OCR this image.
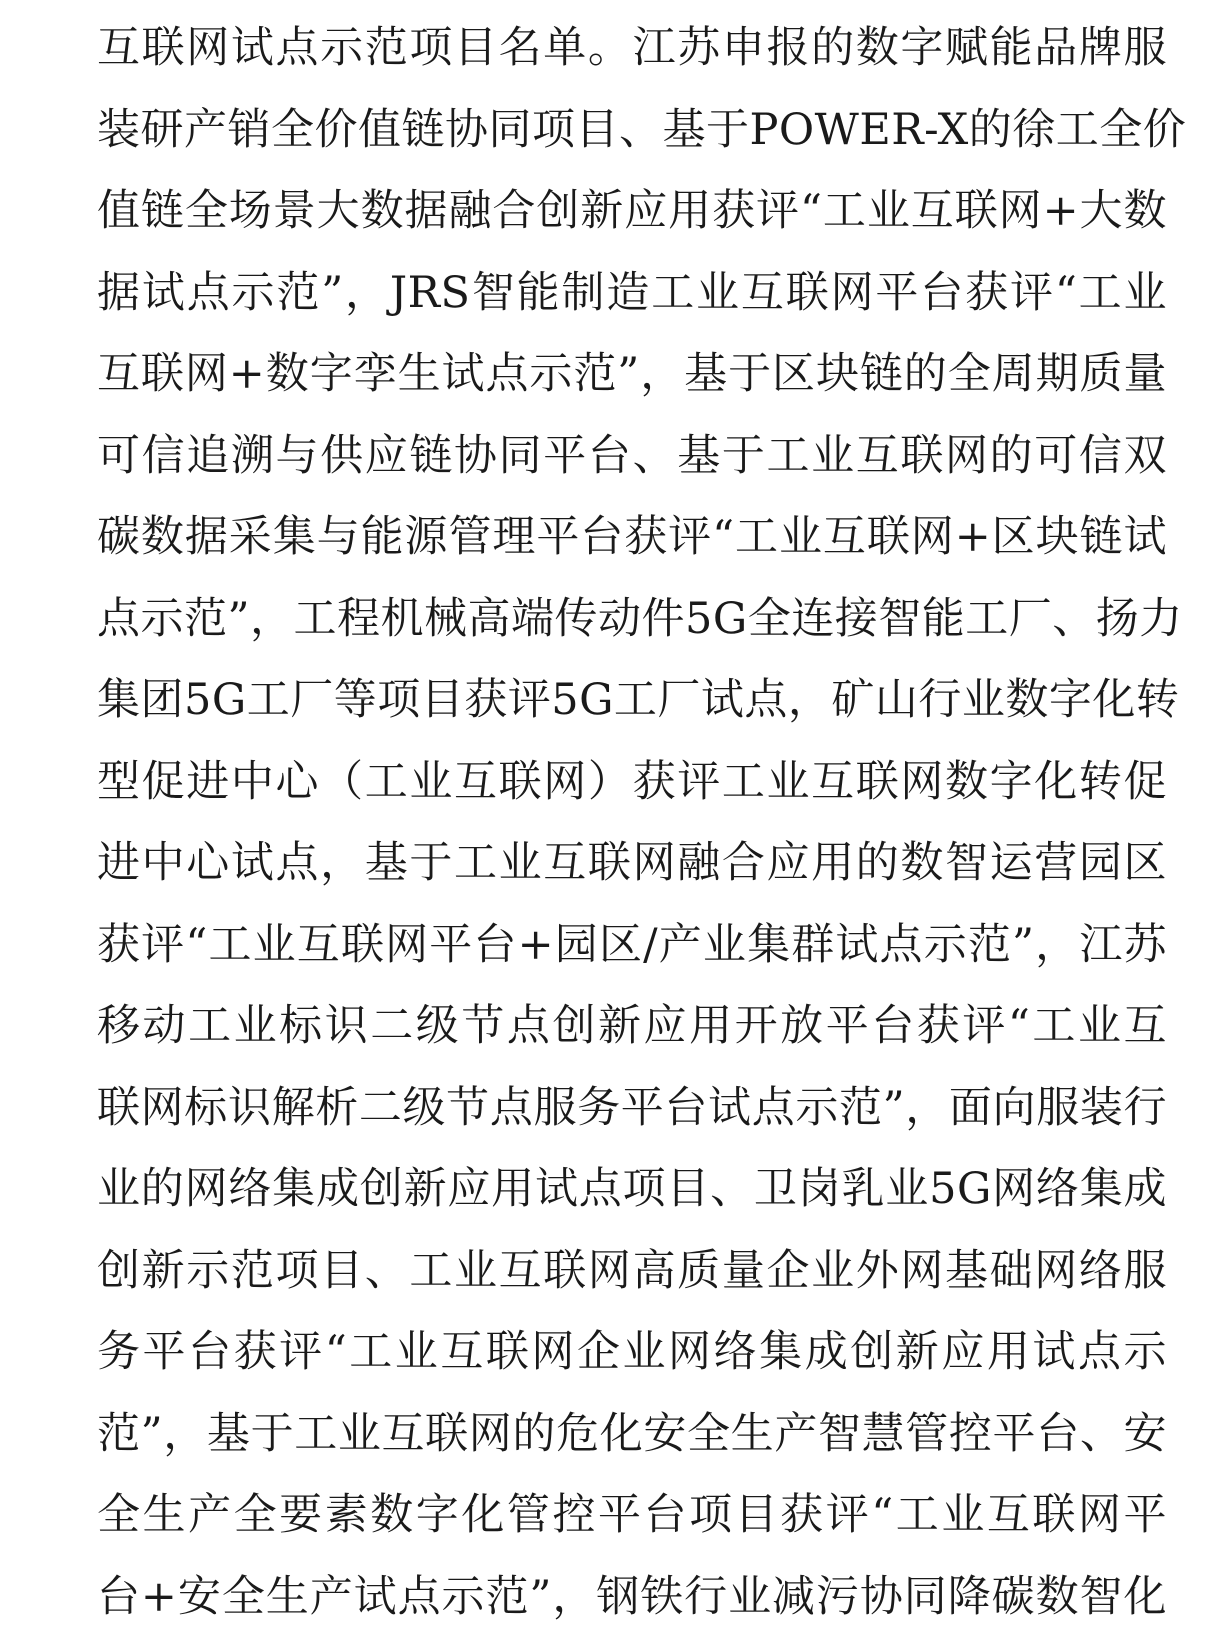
互联网试点示范项目名单。江苏申报的数字赋能品牌服
装研产销全价值链协同项目、基于POWER-X的徐工全价
值链全场景大数据融合创新应用获评“工业互联网+大数
据试点示范”，JRS智能制造工业互联网平台获评“工业
互联网+数字孪生试点示范”，基于区块链的全周期质量
可信追溯与供应链协同平台、基于工业互联网的可信双
碳数据采集与能源管理平台获评“工业互联网+区块链试
点示范”，工程机械高端传动件5G全连接智能工厂、扬力
集团5G工厂等项目获评5G工厂试点，矿山行业数字化转
型促进中心（工业互联网）获评工业互联网数字化转促
进中心试点，基于工业互联网融合应用的数智运营园区
获评“工业互联网平台+园区/产业集群试点示范”，江苏
移动工业标识二级节点创新应用开放平台获评“工业互
联网标识解析二级节点服务平台试点示范”，面向服装行
业的网络集成创新应用试点项目、卫岗乳业5G网络集成
创新示范项目、工业互联网高质量企业外网基础网络服
务平台获评“工业互联网企业网络集成创新应用试点示
范”，基于工业互联网的危化安全生产智慧管控平台、安
全生产全要素数字化管控平台项目获评“工业互联网平
台+安全生产试点示范”，钢铁行业减污协同降碳数智化
